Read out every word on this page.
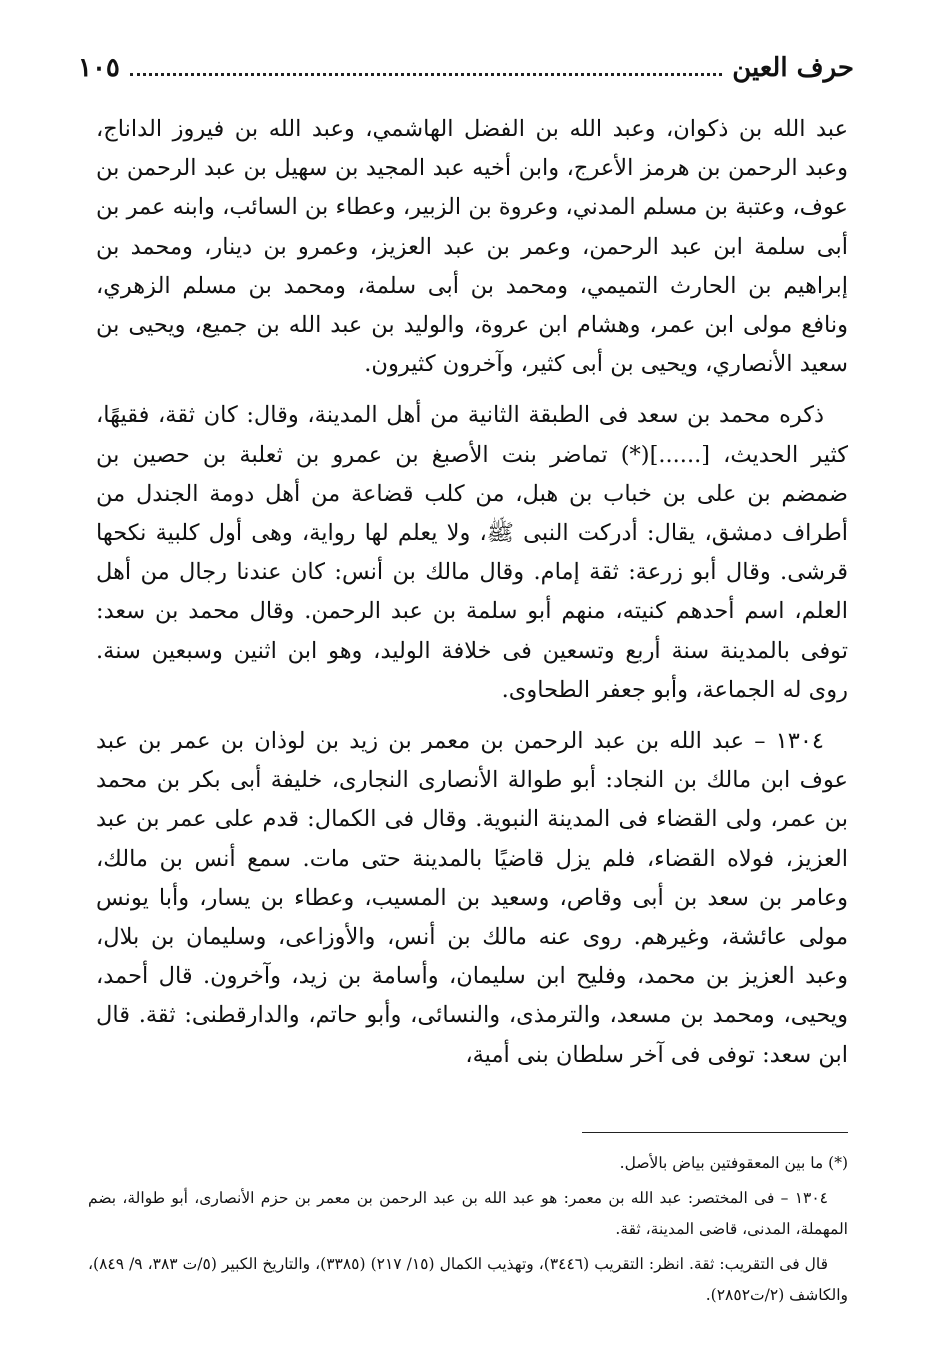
حرف العين
١٠٥

عبد الله بن ذكوان، وعبد الله بن الفضل الهاشمي، وعبد الله بن فيروز الداناج، وعبد الرحمن بن هرمز الأعرج، وابن أخيه عبد المجيد بن سهيل بن عبد الرحمن بن عوف، وعتبة بن مسلم المدني، وعروة بن الزبير، وعطاء بن السائب، وابنه عمر بن أبى سلمة ابن عبد الرحمن، وعمر بن عبد العزيز، وعمرو بن دينار، ومحمد بن إبراهيم بن الحارث التميمي، ومحمد بن أبى سلمة، ومحمد بن مسلم الزهري، ونافع مولى ابن عمر، وهشام ابن عروة، والوليد بن عبد الله بن جميع، ويحيى بن سعيد الأنصاري، ويحيى بن أبى كثير، وآخرون كثيرون.

ذكره محمد بن سعد فى الطبقة الثانية من أهل المدينة، وقال: كان ثقة، فقيهًا، كثير الحديث، [......](*) تماضر بنت الأصبغ بن عمرو بن ثعلبة بن حصين بن ضمضم بن على بن خباب بن هبل، من كلب قضاعة من أهل دومة الجندل من أطراف دمشق، يقال: أدركت النبى ﷺ، ولا يعلم لها رواية، وهى أول كلبية نكحها قرشى. وقال أبو زرعة: ثقة إمام. وقال مالك بن أنس: كان عندنا رجال من أهل العلم، اسم أحدهم كنيته، منهم أبو سلمة بن عبد الرحمن. وقال محمد بن سعد: توفى بالمدينة سنة أربع وتسعين فى خلافة الوليد، وهو ابن اثنين وسبعين سنة. روى له الجماعة، وأبو جعفر الطحاوى.

١٣٠٤ – عبد الله بن عبد الرحمن بن معمر بن زيد بن لوذان بن عمر بن عبد عوف ابن مالك بن النجاد: أبو طوالة الأنصارى النجارى، خليفة أبى بكر بن محمد بن عمر، ولى القضاء فى المدينة النبوية. وقال فى الكمال: قدم على عمر بن عبد العزيز، فولاه القضاء، فلم يزل قاضيًا بالمدينة حتى مات. سمع أنس بن مالك، وعامر بن سعد بن أبى وقاص، وسعيد بن المسيب، وعطاء بن يسار، وأبا يونس مولى عائشة، وغيرهم. روى عنه مالك بن أنس، والأوزاعى، وسليمان بن بلال، وعبد العزيز بن محمد، وفليح ابن سليمان، وأسامة بن زيد، وآخرون. قال أحمد، ويحيى، ومحمد بن مسعد، والترمذى، والنسائى، وأبو حاتم، والدارقطنى: ثقة. قال ابن سعد: توفى فى آخر سلطان بنى أمية،

(*) ما بين المعقوفتين بياض بالأصل.

١٣٠٤ – فى المختصر: عبد الله بن معمر: هو عبد الله بن عبد الرحمن بن معمر بن حزم الأنصارى، أبو طوالة، بضم المهملة، المدنى، قاضى المدينة، ثقة.

قال فى التقريب: ثقة. انظر: التقريب (٣٤٤٦)، وتهذيب الكمال (١٥/ ٢١٧) (٣٣٨٥)، والتاريخ الكبير (٥/ت ٣٨٣، ٩/ ٨٤٩)، والكاشف (٢/ت٢٨٥٢).
